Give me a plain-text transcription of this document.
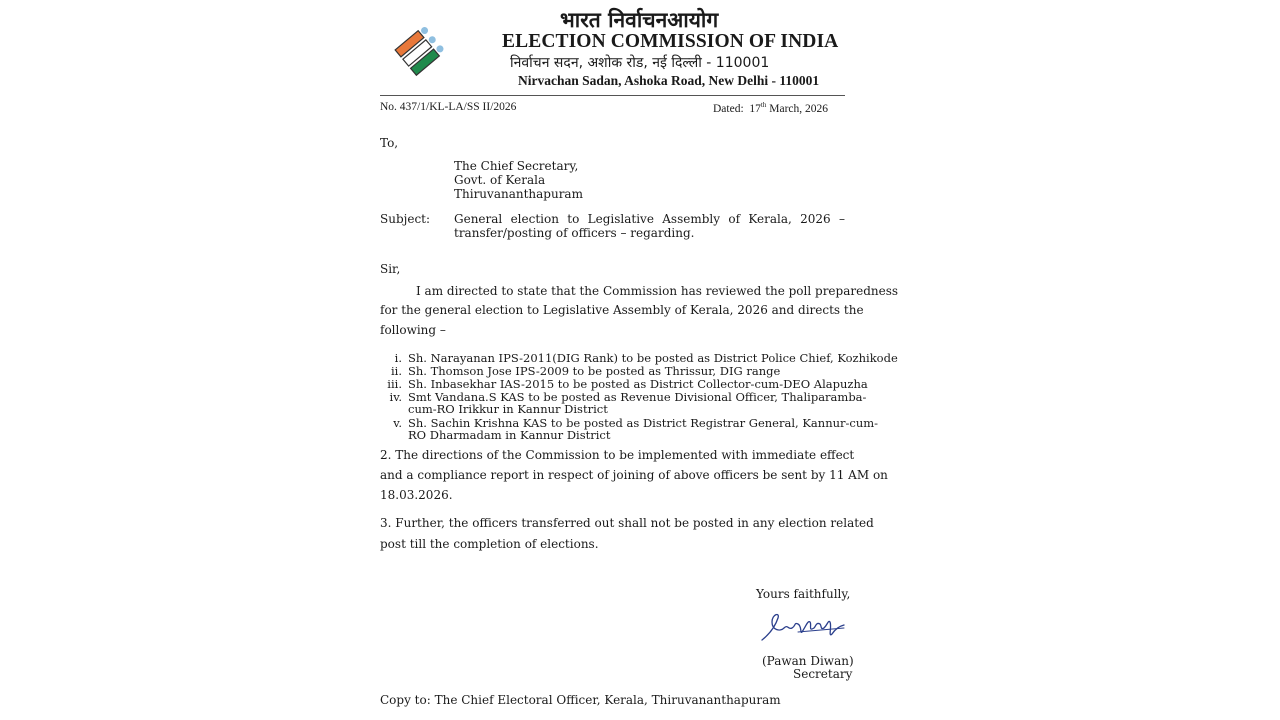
भारत निर्वाचनआयोग
ELECTION COMMISSION OF INDIA
निर्वाचन सदन, अशोक रोड, नई दिल्ली - 110001
Nirvachan Sadan, Ashoka Road, New Delhi - 110001
No. 437/1/KL-LA/SS II/2026	Dated: 17th March, 2026
To,
The Chief Secretary,
Govt. of Kerala
Thiruvananthapuram
Subject: General election to Legislative Assembly of Kerala, 2026 –
transfer/posting of officers – regarding.
Sir,
I am directed to state that the Commission has reviewed the poll preparedness
for the general election to Legislative Assembly of Kerala, 2026 and directs the
following –
i. Sh. Narayanan IPS-2011(DIG Rank) to be posted as District Police Chief, Kozhikode
ii. Sh. Thomson Jose IPS-2009 to be posted as Thrissur, DIG range
iii. Sh. Inbasekhar IAS-2015 to be posted as District Collector-cum-DEO Alapuzha
iv. Smt Vandana.S KAS to be posted as Revenue Divisional Officer, Thaliparamba-
cum-RO Irikkur in Kannur District
v. Sh. Sachin Krishna KAS to be posted as District Registrar General, Kannur-cum-
RO Dharmadam in Kannur District
2. The directions of the Commission to be implemented with immediate effect
and a compliance report in respect of joining of above officers be sent by 11 AM on
18.03.2026.
3. Further, the officers transferred out shall not be posted in any election related
post till the completion of elections.
Yours faithfully,
(Pawan Diwan)
Secretary
Copy to: The Chief Electoral Officer, Kerala, Thiruvananthapuram
